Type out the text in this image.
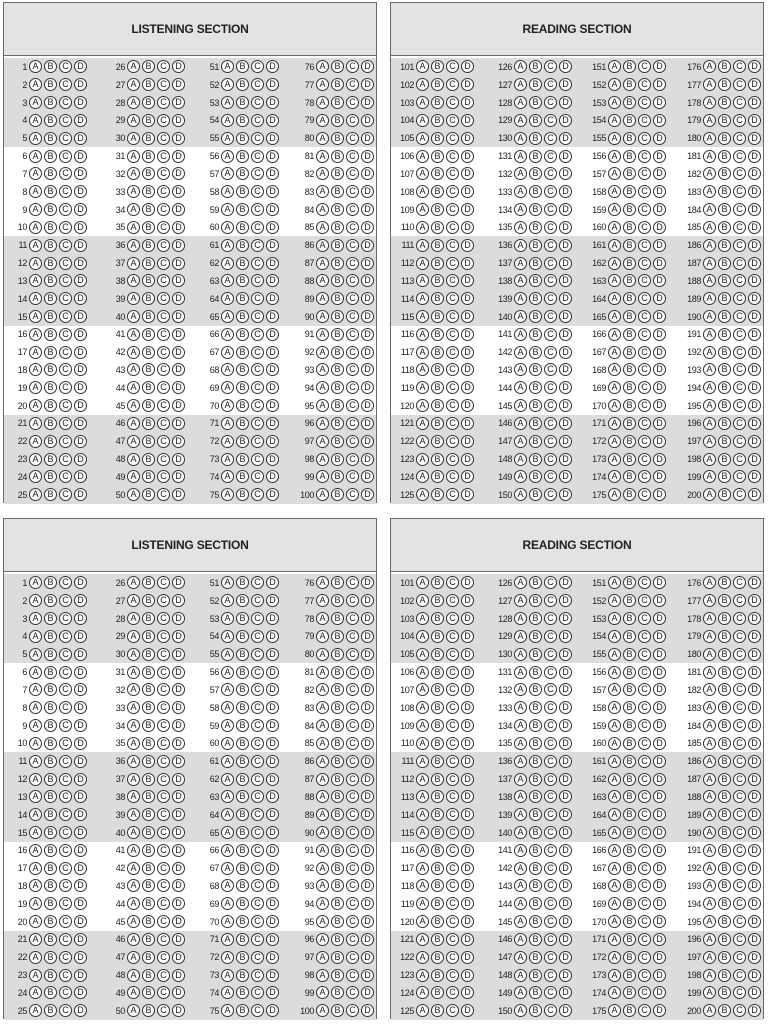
LISTENING SECTION
1 A B C D	26 A B C D	51 A B C D	76 A B C D
2 A B C D	27 A B C D	52 A B C D	77 A B C D
3 A B C D	28 A B C D	53 A B C D	78 A B C D
4 A B C D	29 A B C D	54 A B C D	79 A B C D
5 A B C D	30 A B C D	55 A B C D	80 A B C D
6 A B C D	31 A B C D	56 A B C D	81 A B C D
7 A B C D	32 A B C D	57 A B C D	82 A B C D
8 A B C D	33 A B C D	58 A B C D	83 A B C D
9 A B C D	34 A B C D	59 A B C D	84 A B C D
10 A B C D	35 A B C D	60 A B C D	85 A B C D
11 A B C D	36 A B C D	61 A B C D	86 A B C D
12 A B C D	37 A B C D	62 A B C D	87 A B C D
13 A B C D	38 A B C D	63 A B C D	88 A B C D
14 A B C D	39 A B C D	64 A B C D	89 A B C D
15 A B C D	40 A B C D	65 A B C D	90 A B C D
16 A B C D	41 A B C D	66 A B C D	91 A B C D
17 A B C D	42 A B C D	67 A B C D	92 A B C D
18 A B C D	43 A B C D	68 A B C D	93 A B C D
19 A B C D	44 A B C D	69 A B C D	94 A B C D
20 A B C D	45 A B C D	70 A B C D	95 A B C D
21 A B C D	46 A B C D	71 A B C D	96 A B C D
22 A B C D	47 A B C D	72 A B C D	97 A B C D
23 A B C D	48 A B C D	73 A B C D	98 A B C D
24 A B C D	49 A B C D	74 A B C D	99 A B C D
25 A B C D	50 A B C D	75 A B C D	100 A B C D
READING SECTION
101 A B C D	126 A B C D	151 A B C D	176 A B C D
102 A B C D	127 A B C D	152 A B C D	177 A B C D
103 A B C D	128 A B C D	153 A B C D	178 A B C D
104 A B C D	129 A B C D	154 A B C D	179 A B C D
105 A B C D	130 A B C D	155 A B C D	180 A B C D
106 A B C D	131 A B C D	156 A B C D	181 A B C D
107 A B C D	132 A B C D	157 A B C D	182 A B C D
108 A B C D	133 A B C D	158 A B C D	183 A B C D
109 A B C D	134 A B C D	159 A B C D	184 A B C D
110 A B C D	135 A B C D	160 A B C D	185 A B C D
111 A B C D	136 A B C D	161 A B C D	186 A B C D
112 A B C D	137 A B C D	162 A B C D	187 A B C D
113 A B C D	138 A B C D	163 A B C D	188 A B C D
114 A B C D	139 A B C D	164 A B C D	189 A B C D
115 A B C D	140 A B C D	165 A B C D	190 A B C D
116 A B C D	141 A B C D	166 A B C D	191 A B C D
117 A B C D	142 A B C D	167 A B C D	192 A B C D
118 A B C D	143 A B C D	168 A B C D	193 A B C D
119 A B C D	144 A B C D	169 A B C D	194 A B C D
120 A B C D	145 A B C D	170 A B C D	195 A B C D
121 A B C D	146 A B C D	171 A B C D	196 A B C D
122 A B C D	147 A B C D	172 A B C D	197 A B C D
123 A B C D	148 A B C D	173 A B C D	198 A B C D
124 A B C D	149 A B C D	174 A B C D	199 A B C D
125 A B C D	150 A B C D	175 A B C D	200 A B C D
LISTENING SECTION
1 A B C D	26 A B C D	51 A B C D	76 A B C D
2 A B C D	27 A B C D	52 A B C D	77 A B C D
3 A B C D	28 A B C D	53 A B C D	78 A B C D
4 A B C D	29 A B C D	54 A B C D	79 A B C D
5 A B C D	30 A B C D	55 A B C D	80 A B C D
6 A B C D	31 A B C D	56 A B C D	81 A B C D
7 A B C D	32 A B C D	57 A B C D	82 A B C D
8 A B C D	33 A B C D	58 A B C D	83 A B C D
9 A B C D	34 A B C D	59 A B C D	84 A B C D
10 A B C D	35 A B C D	60 A B C D	85 A B C D
11 A B C D	36 A B C D	61 A B C D	86 A B C D
12 A B C D	37 A B C D	62 A B C D	87 A B C D
13 A B C D	38 A B C D	63 A B C D	88 A B C D
14 A B C D	39 A B C D	64 A B C D	89 A B C D
15 A B C D	40 A B C D	65 A B C D	90 A B C D
16 A B C D	41 A B C D	66 A B C D	91 A B C D
17 A B C D	42 A B C D	67 A B C D	92 A B C D
18 A B C D	43 A B C D	68 A B C D	93 A B C D
19 A B C D	44 A B C D	69 A B C D	94 A B C D
20 A B C D	45 A B C D	70 A B C D	95 A B C D
21 A B C D	46 A B C D	71 A B C D	96 A B C D
22 A B C D	47 A B C D	72 A B C D	97 A B C D
23 A B C D	48 A B C D	73 A B C D	98 A B C D
24 A B C D	49 A B C D	74 A B C D	99 A B C D
25 A B C D	50 A B C D	75 A B C D	100 A B C D
READING SECTION
101 A B C D	126 A B C D	151 A B C D	176 A B C D
102 A B C D	127 A B C D	152 A B C D	177 A B C D
103 A B C D	128 A B C D	153 A B C D	178 A B C D
104 A B C D	129 A B C D	154 A B C D	179 A B C D
105 A B C D	130 A B C D	155 A B C D	180 A B C D
106 A B C D	131 A B C D	156 A B C D	181 A B C D
107 A B C D	132 A B C D	157 A B C D	182 A B C D
108 A B C D	133 A B C D	158 A B C D	183 A B C D
109 A B C D	134 A B C D	159 A B C D	184 A B C D
110 A B C D	135 A B C D	160 A B C D	185 A B C D
111 A B C D	136 A B C D	161 A B C D	186 A B C D
112 A B C D	137 A B C D	162 A B C D	187 A B C D
113 A B C D	138 A B C D	163 A B C D	188 A B C D
114 A B C D	139 A B C D	164 A B C D	189 A B C D
115 A B C D	140 A B C D	165 A B C D	190 A B C D
116 A B C D	141 A B C D	166 A B C D	191 A B C D
117 A B C D	142 A B C D	167 A B C D	192 A B C D
118 A B C D	143 A B C D	168 A B C D	193 A B C D
119 A B C D	144 A B C D	169 A B C D	194 A B C D
120 A B C D	145 A B C D	170 A B C D	195 A B C D
121 A B C D	146 A B C D	171 A B C D	196 A B C D
122 A B C D	147 A B C D	172 A B C D	197 A B C D
123 A B C D	148 A B C D	173 A B C D	198 A B C D
124 A B C D	149 A B C D	174 A B C D	199 A B C D
125 A B C D	150 A B C D	175 A B C D	200 A B C D
